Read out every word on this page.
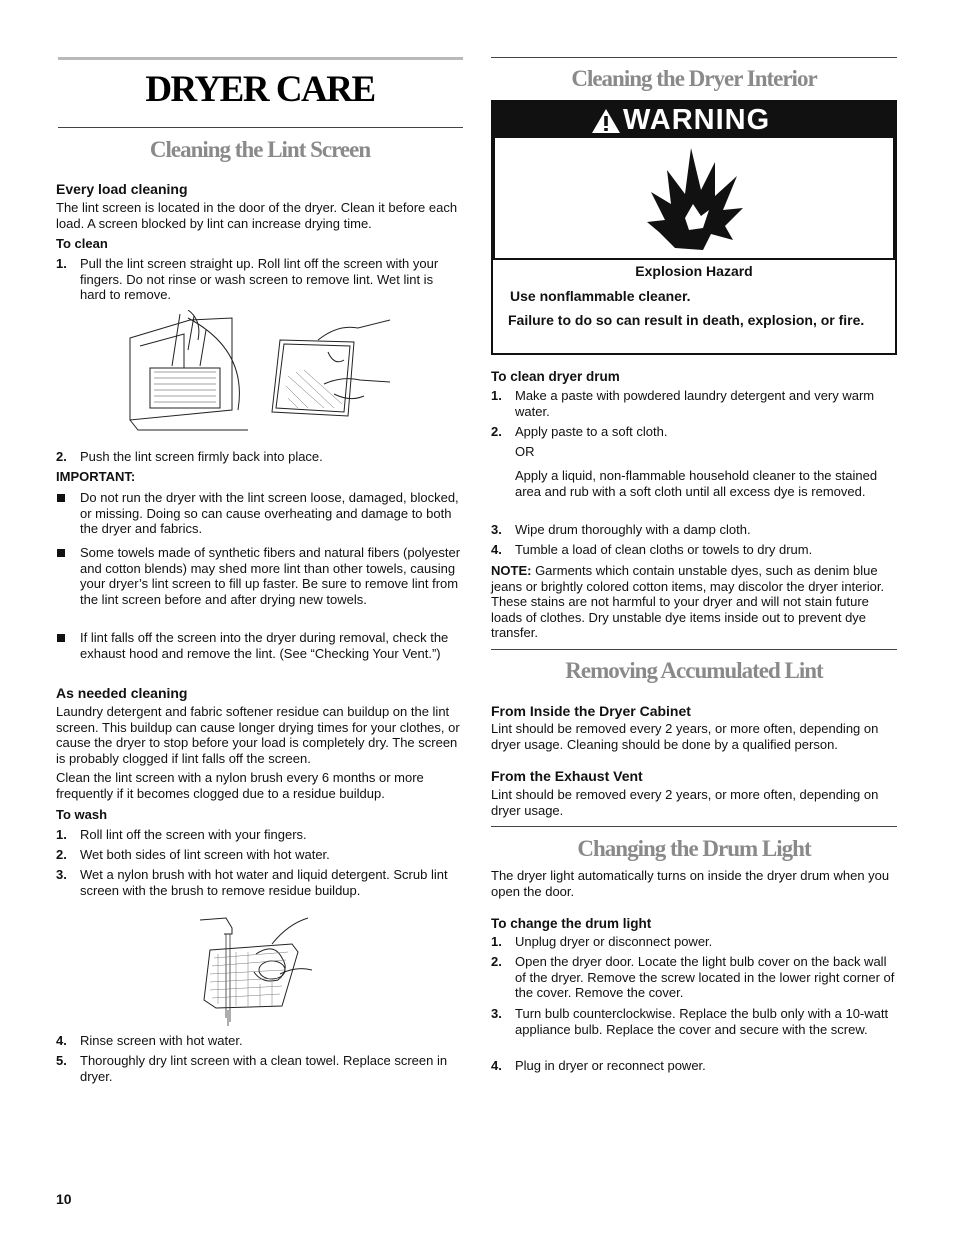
DRYER CARE
Cleaning the Lint Screen
Every load cleaning
The lint screen is located in the door of the dryer. Clean it before each load. A screen blocked by lint can increase drying time.
To clean
1. Pull the lint screen straight up. Roll lint off the screen with your fingers. Do not rinse or wash screen to remove lint. Wet lint is hard to remove.
2. Push the lint screen firmly back into place.
IMPORTANT:
Do not run the dryer with the lint screen loose, damaged, blocked, or missing. Doing so can cause overheating and damage to both the dryer and fabrics.
Some towels made of synthetic fibers and natural fibers (polyester and cotton blends) may shed more lint than other towels, causing your dryer’s lint screen to fill up faster. Be sure to remove lint from the lint screen before and after drying new towels.
If lint falls off the screen into the dryer during removal, check the exhaust hood and remove the lint. (See “Checking Your Vent.”)
As needed cleaning
Laundry detergent and fabric softener residue can buildup on the lint screen. This buildup can cause longer drying times for your clothes, or cause the dryer to stop before your load is completely dry. The screen is probably clogged if lint falls off the screen.
Clean the lint screen with a nylon brush every 6 months or more frequently if it becomes clogged due to a residue buildup.
To wash
1. Roll lint off the screen with your fingers.
2. Wet both sides of lint screen with hot water.
3. Wet a nylon brush with hot water and liquid detergent. Scrub lint screen with the brush to remove residue buildup.
4. Rinse screen with hot water.
5. Thoroughly dry lint screen with a clean towel. Replace screen in dryer.
10
Cleaning the Dryer Interior
WARNING
Explosion Hazard
Use nonflammable cleaner.
Failure to do so can result in death, explosion, or fire.
To clean dryer drum
1. Make a paste with powdered laundry detergent and very warm water.
2. Apply paste to a soft cloth.
OR
Apply a liquid, non-flammable household cleaner to the stained area and rub with a soft cloth until all excess dye is removed.
3. Wipe drum thoroughly with a damp cloth.
4. Tumble a load of clean cloths or towels to dry drum.
NOTE: Garments which contain unstable dyes, such as denim blue jeans or brightly colored cotton items, may discolor the dryer interior. These stains are not harmful to your dryer and will not stain future loads of clothes. Dry unstable dye items inside out to prevent dye transfer.
Removing Accumulated Lint
From Inside the Dryer Cabinet
Lint should be removed every 2 years, or more often, depending on dryer usage. Cleaning should be done by a qualified person.
From the Exhaust Vent
Lint should be removed every 2 years, or more often, depending on dryer usage.
Changing the Drum Light
The dryer light automatically turns on inside the dryer drum when you open the door.
To change the drum light
1. Unplug dryer or disconnect power.
2. Open the dryer door. Locate the light bulb cover on the back wall of the dryer. Remove the screw located in the lower right corner of the cover. Remove the cover.
3. Turn bulb counterclockwise. Replace the bulb only with a 10-watt appliance bulb. Replace the cover and secure with the screw.
4. Plug in dryer or reconnect power.
